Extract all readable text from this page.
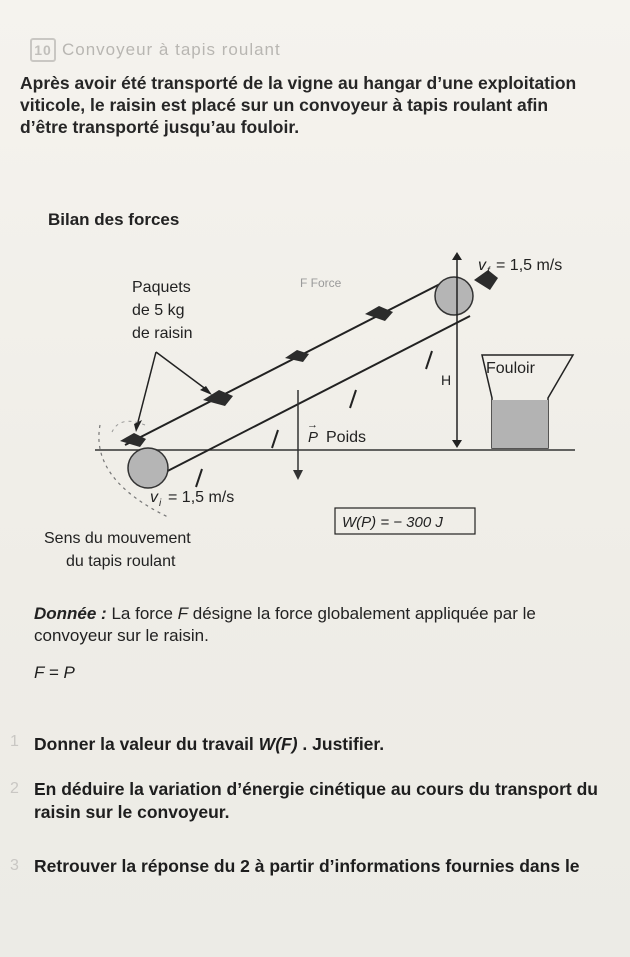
10 Convoyeur à tapis roulant
Après avoir été transporté de la vigne au hangar d’une exploitation viticole, le raisin est placé sur un convoyeur à tapis roulant afin d’être transporté jusqu’au fouloir.
Bilan des forces
Paquets
de 5 kg
de raisin
F Force
v f = 1,5 m/s
H
Fouloir
P
→
Poids
v i = 1,5 m/s
W(P) = − 300 J
Sens du mouvement
du tapis roulant
Donnée : La force F désigne la force globalement appliquée par le convoyeur sur le raisin.
F = P
Donner la valeur du travail W(F) . Justifier.
1
2 En déduire la variation d’énergie cinétique au cours du transport du raisin sur le convoyeur.
3 Retrouver la réponse du 2 à partir d’informations fournies dans le
